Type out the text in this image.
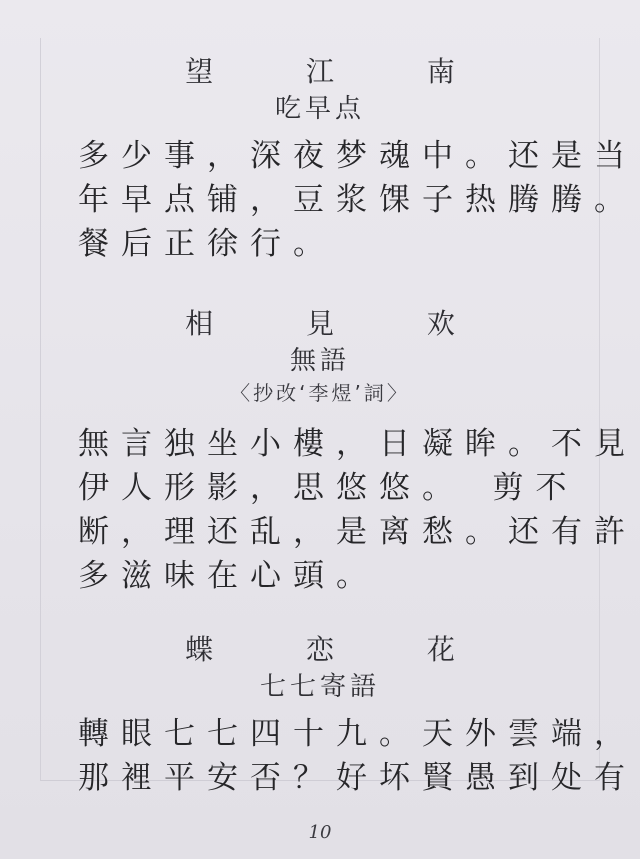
望 江 南
吃早点
多少事，深夜梦魂中。还是当
年早点铺，豆浆馃子热腾腾。
餐后正徐行。
相 見 欢
無語
〈抄改‘李煜’詞〉
無言独坐小樓，日凝眸。不見
伊人形影，思悠悠。　剪不
断，理还乱，是离愁。还有許
多滋味在心頭。
蝶 恋 花
七七寄語
轉眼七七四十九。天外雲端，
那裡平安否？好坏賢愚到处有
10
